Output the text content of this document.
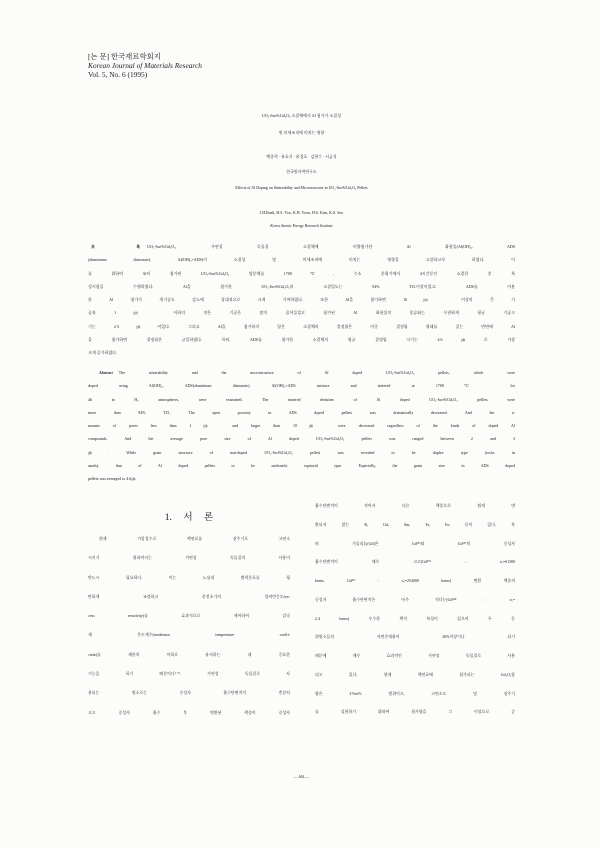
[논 문] 한국재료학회지
Korean Journal of Materials Research
Vol. 5, No. 6 (1995)
UO₂-6wt%Gd₂O₃ 소결체에서 Al 첨가가 소결성
및 미세조직에 미치는 영향
백종혁 · 유호식 · 윤경호 · 김형수 · 서금석
한국원자력연구소
Effects of Al Doping on Sinterability and Microstructure in UO₂-6wt%Gd₂O₃ Pellets
J.H.Baek, H.S. Yoo, K.H. Yoon, H.S. Kim, K.S. Seo
Korea Atomic Energy Research Institute
초 록 UO₂-6wt%Gd₂O₃, 가연성 독물질 소결체에 미량첨가한 Al 화합물(Al(OH)₃, ADS
(aluminium distearate), Al(OH)₃+ADS)이 소결성 및 미세조직에 미치는 영향을 고찰하고자 하였다. 이
를 위하여 Al이 첨가된 UO₂-6wt%Gd₂O₃ 압분체를 1700℃, 수소 분위기에서 4시간동안 소결한 후 특
성시험을 수행하였다. Al을 첨가한 UO₂-6wt%Gd₂O₃의 소결밀도는 94% T.D.이상이었고, ADS를 이용
한 Al 첨가가 개기공도 감소에 상대적으로 크게 기여하였다. 또한 Al을 첨가하면 10㎛ 이상의 큰 기
공과 1㎛ 이하의 작은 기공은 많이 줄어들었고 첨가된 Al 화합물의 종류와는 무관하게 평균 기공크
기는 2-3㎛이었다. 그리고 Al을 첨가하지 않은 소결체의 결정립은 이중 결정립 형태를 갖는 반면에 Al
을 첨가하면 결정립은 균일하였다. 특히, ADS를 첨가한 소결체의 평균 결정립 크기는 4.6㎛로 가장
크게 증가하였다.
Abstract The sinterability and the microstructure of Al doped UO₂-6wt%Gd₂O₃ pellets, which were
doped using Al(OH)₃, ADS(aluminium distearate), Al(OH)₃+ADS mixture and sintered at 1700℃ for
4h in H₂ atmospheres, were examined. The sintered densities of Al doped UO₂-6wt%Gd₂O₃ pellets were
more than 94% T.D.. The open porosity in ADS doped pellets was dramatically decreased. And the a-
mounts of pores less than 1㎛ and larger than 10㎛ were decreased regardless of the kinds of doped Al
compounds. And the average pore size of Al doped UO₂-6wt%Gd₂O₃ pellets was ranged between 2 and 3
㎛. While grain structure of non-doped UO₂-6wt%Gd₂O₃ pellets was revealed to be duplex type (rocks in
sands), that of Al doped pellets to be uniformly equiaxid type. Especially, the grain size in ADS doped
pellets was averaged to 4.6㎛.
1. 서 론
현재 가압경수로 핵연료를 장주기로 고연소
시키기 위하여서는 가연성 독물질의 사용이
반드시 필요하다. 이는 노심내 출력분포를 평
탄하게 조정하고 운전초기의 잉여반응도(ex-
cess reactivity)를 효과적으로 제어하여 감속
재 온도계수(moderator temperature coeffi-
cient)를 제한치 이하로 유지하는 데 중요한
기능을 하기 때문이다¹⁻²⁾. 가연성 독물질로 사
용되는 원소로는 중성자 흡수단면적이 충분히
크고 중성자 흡수 후 변환된 핵종이 중성자
흡수단면적이 작아서 다른 핵종으로 쉽게 변
환되지 않는 B, Gd, Sm, Er, Eu 등이 있다. 특
히 가돌리늄(Gd)은 Gd¹⁵⁵와 Gd¹⁵⁷의 중성자
흡수단면적이 매우 크고(Gd¹⁵⁵ : σₐ=61300
barns, Gd¹⁵⁷ : σₐ=254000 barns) 변환 핵종의
중성자 흡수단면적은 아주 적다는(Gd¹⁵⁸ : σₐ=
2.4 barns) 우수한 핵적 특성이 있으며 두 동
위원소들의 자연존재율이 30%이상이나 되기
때문에 매우 효과적인 가연성 독물질로 사용
되고 있다. 현재 핵연료에 첨가되는 Gd₂O₃함
량은 3-9wt% 범위이고, 고연소도 및 장주기
를 실현하기 위하여 첨가량을 그 이상으로 증
— 644 —
